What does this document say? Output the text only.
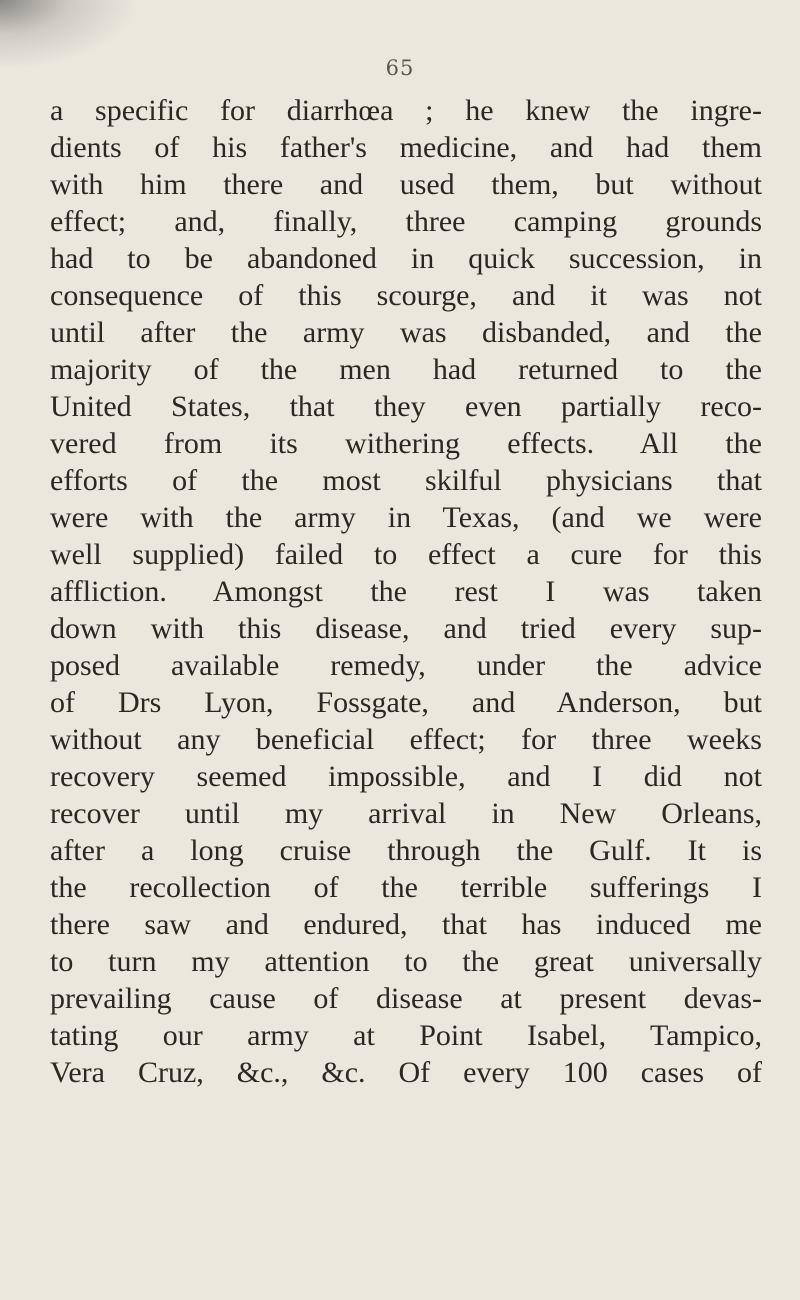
65
a specific for diarrhœa ; he knew the ingre-
dients of his father's medicine, and had them
with him there and used them, but without
effect; and, finally, three camping grounds
had to be abandoned in quick succession, in
consequence of this scourge, and it was not
until after the army was disbanded, and the
majority of the men had returned to the
United States, that they even partially reco-
vered from its withering effects. All the
efforts of the most skilful physicians that
were with the army in Texas, (and we were
well supplied) failed to effect a cure for this
affliction. Amongst the rest I was taken
down with this disease, and tried every sup-
posed available remedy, under the advice
of Drs Lyon, Fossgate, and Anderson, but
without any beneficial effect; for three weeks
recovery seemed impossible, and I did not
recover until my arrival in New Orleans,
after a long cruise through the Gulf. It is
the recollection of the terrible sufferings I
there saw and endured, that has induced me
to turn my attention to the great universally
prevailing cause of disease at present devas-
tating our army at Point Isabel, Tampico,
Vera Cruz, &c., &c. Of every 100 cases of
